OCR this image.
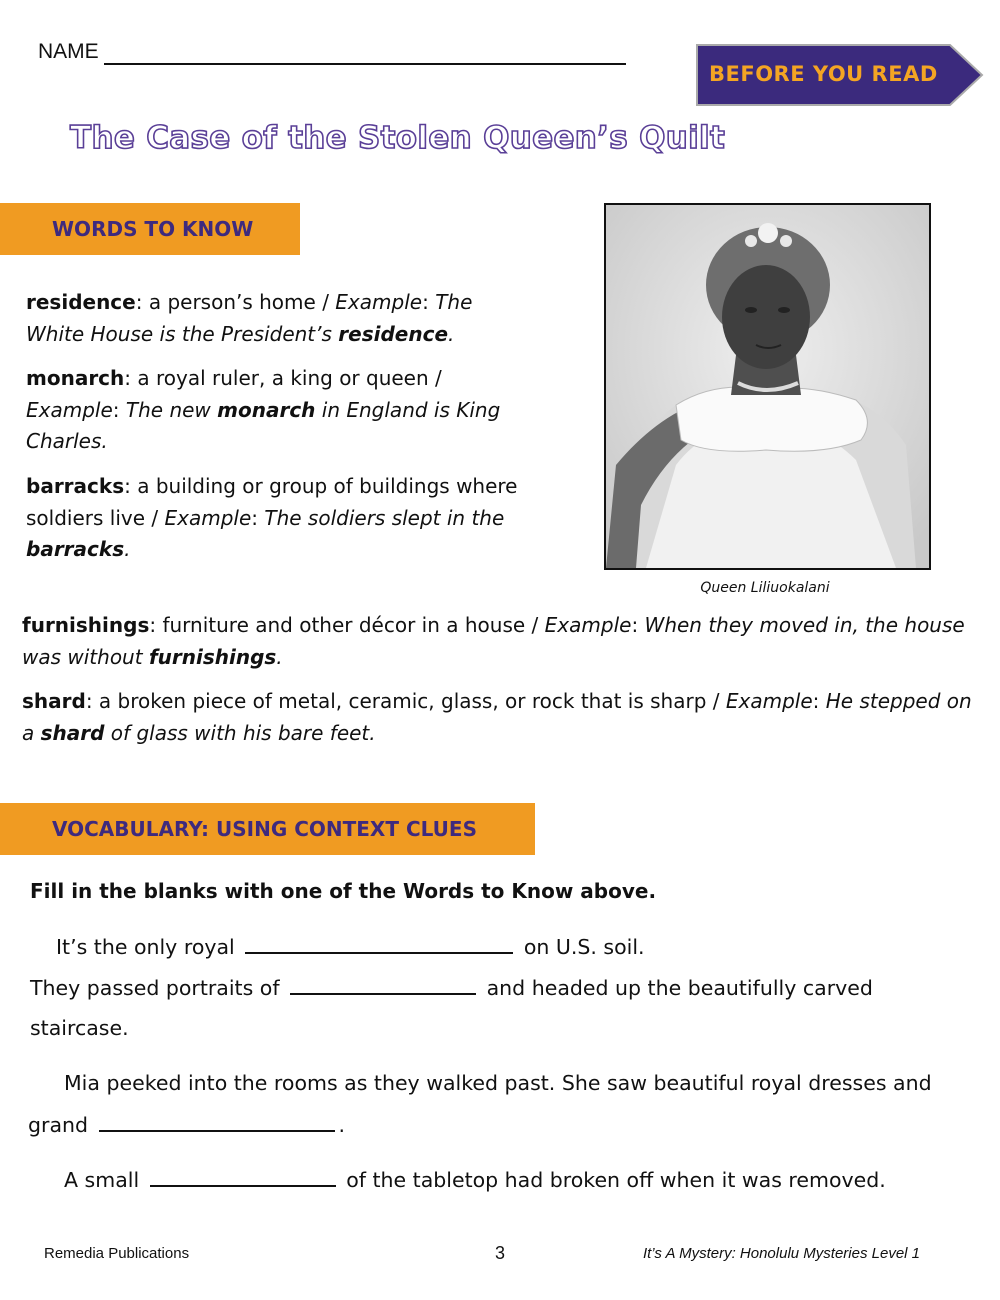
NAME
BEFORE YOU READ
The Case of the Stolen Queen’s Quilt
WORDS TO KNOW
residence: a person’s home / Example: The White House is the President’s residence.
monarch: a royal ruler, a king or queen / Example: The new monarch in England is King Charles.
barracks: a building or group of buildings where soldiers live / Example: The soldiers slept in the barracks.
Queen Liliuokalani
furnishings: furniture and other décor in a house / Example: When they moved in, the house was without furnishings.
shard: a broken piece of metal, ceramic, glass, or rock that is sharp / Example: He stepped on a shard of glass with his bare feet.
VOCABULARY: USING CONTEXT CLUES
Fill in the blanks with one of the Words to Know above.
It’s the only royal	on U.S. soil.
They passed portraits of	and headed up the beautifully carved staircase.
Mia peeked into the rooms as they walked past. She saw beautiful royal dresses and
grand	.
A small	of the tabletop had broken off when it was removed.
Remedia Publications	3	It’s A Mystery: Honolulu Mysteries Level 1
